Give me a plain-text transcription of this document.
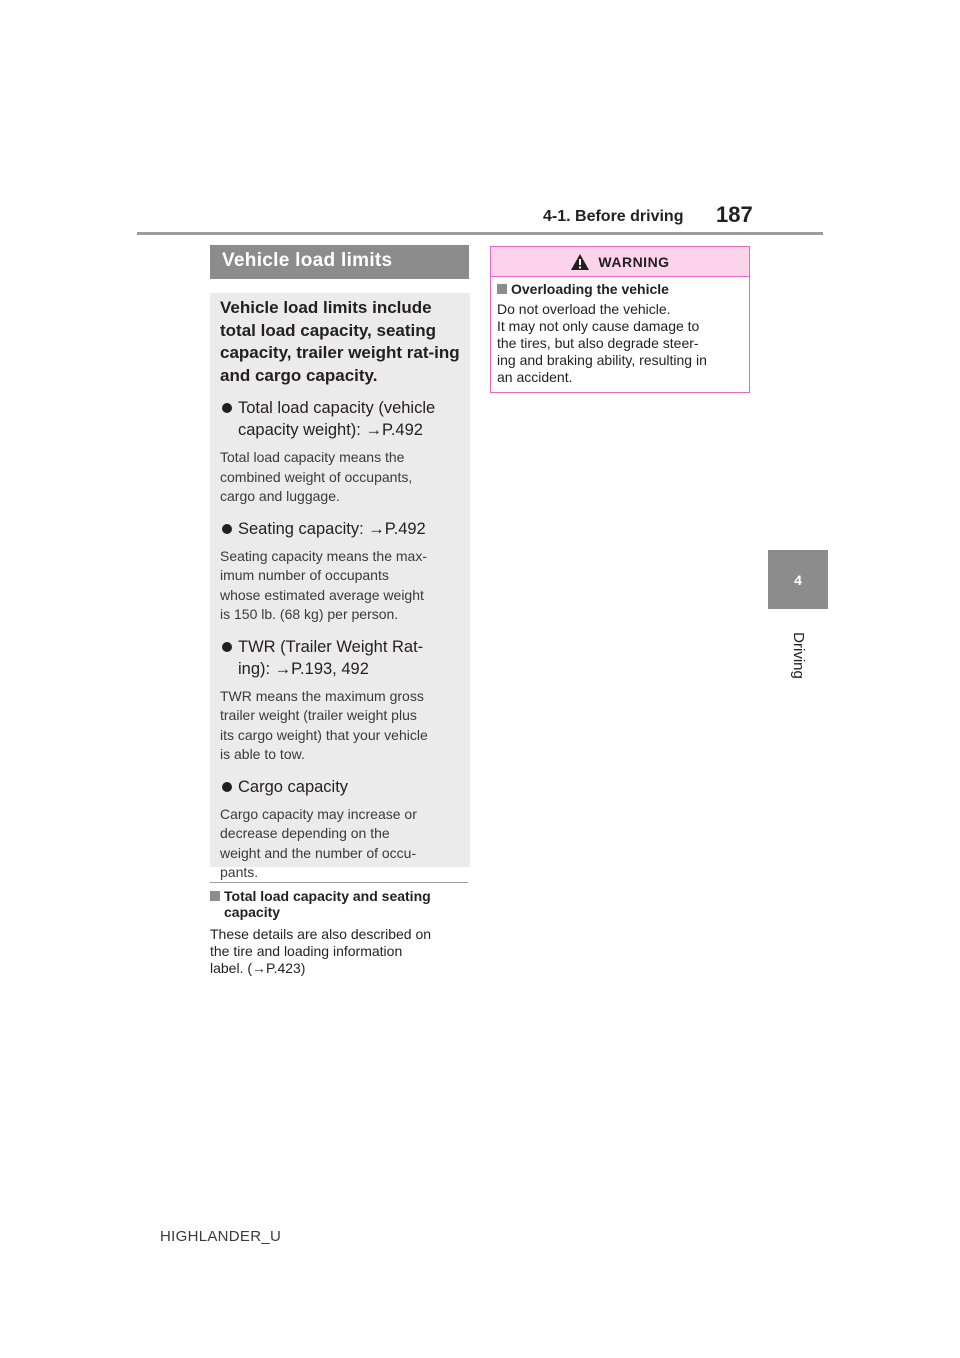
4-1. Before driving 187
4
Driving
Vehicle load limits
Vehicle load limits include total load capacity, seating capacity, trailer weight rat-ing and cargo capacity.
Total load capacity (vehicle
capacity weight): →P.492
Total load capacity means the
combined weight of occupants,
cargo and luggage.
Seating capacity: →P.492
Seating capacity means the max-
imum number of occupants
whose estimated average weight
is 150 lb. (68 kg) per person.
TWR (Trailer Weight Rat-
ing): →P.193, 492
TWR means the maximum gross
trailer weight (trailer weight plus
its cargo weight) that your vehicle
is able to tow.
Cargo capacity
Cargo capacity may increase or
decrease depending on the
weight and the number of occu-
pants.
Total load capacity and seating
capacity
These details are also described on
the tire and loading information
label. (→P.423)
WARNING
Overloading the vehicle
Do not overload the vehicle.
It may not only cause damage to
the tires, but also degrade steer-
ing and braking ability, resulting in
an accident.
HIGHLANDER_U
